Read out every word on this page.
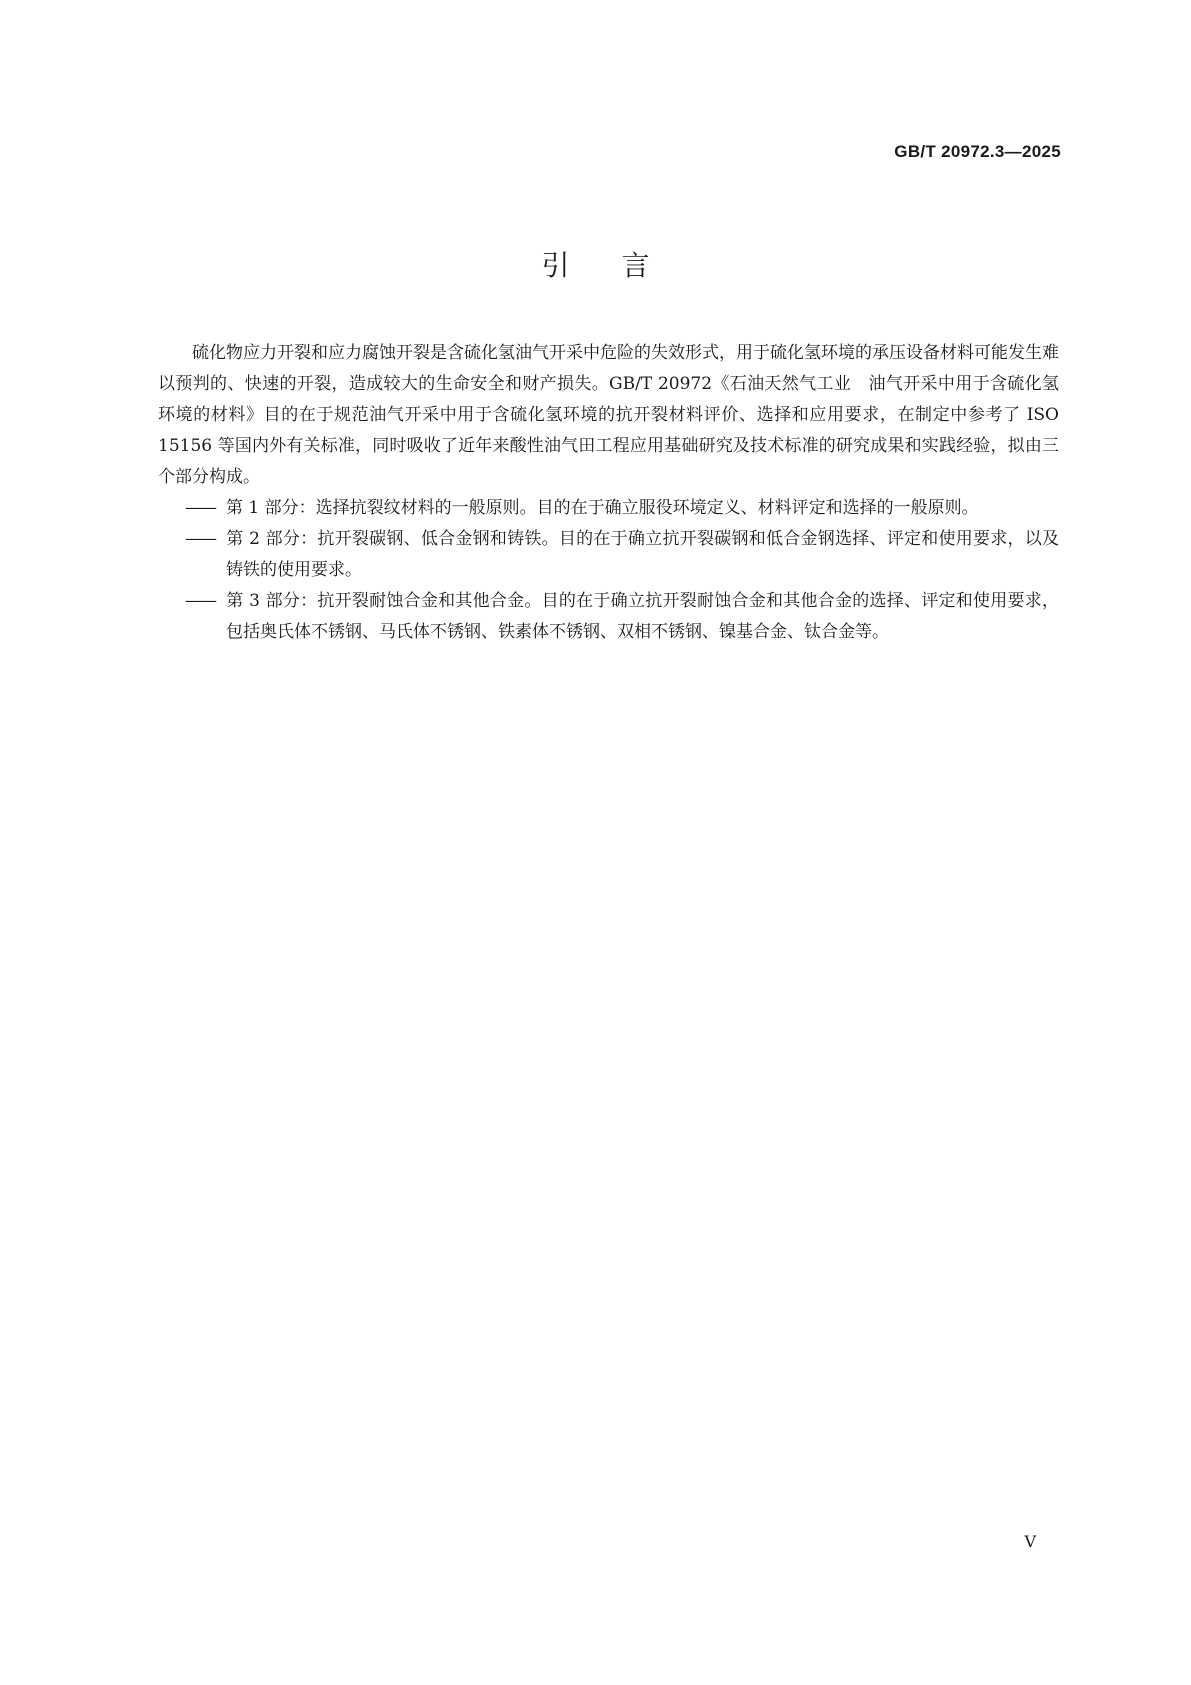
GB/T 20972.3—2025
引言

硫化物应力开裂和应力腐蚀开裂是含硫化氢油气开采中危险的失效形式，用于硫化氢环境的承压设备材料可能发生难以预判的、快速的开裂，造成较大的生命安全和财产损失。GB/T 20972《石油天然气工业　油气开采中用于含硫化氢环境的材料》目的在于规范油气开采中用于含硫化氢环境的抗开裂材料评价、选择和应用要求，在制定中参考了 ISO 15156 等国内外有关标准，同时吸收了近年来酸性油气田工程应用基础研究及技术标准的研究成果和实践经验，拟由三个部分构成。

—— 第 1 部分：选择抗裂纹材料的一般原则。目的在于确立服役环境定义、材料评定和选择的一般原则。

—— 第 2 部分：抗开裂碳钢、低合金钢和铸铁。目的在于确立抗开裂碳钢和低合金钢选择、评定和使用要求，以及铸铁的使用要求。

—— 第 3 部分：抗开裂耐蚀合金和其他合金。目的在于确立抗开裂耐蚀合金和其他合金的选择、评定和使用要求，包括奥氏体不锈钢、马氏体不锈钢、铁素体不锈钢、双相不锈钢、镍基合金、钛合金等。

V
